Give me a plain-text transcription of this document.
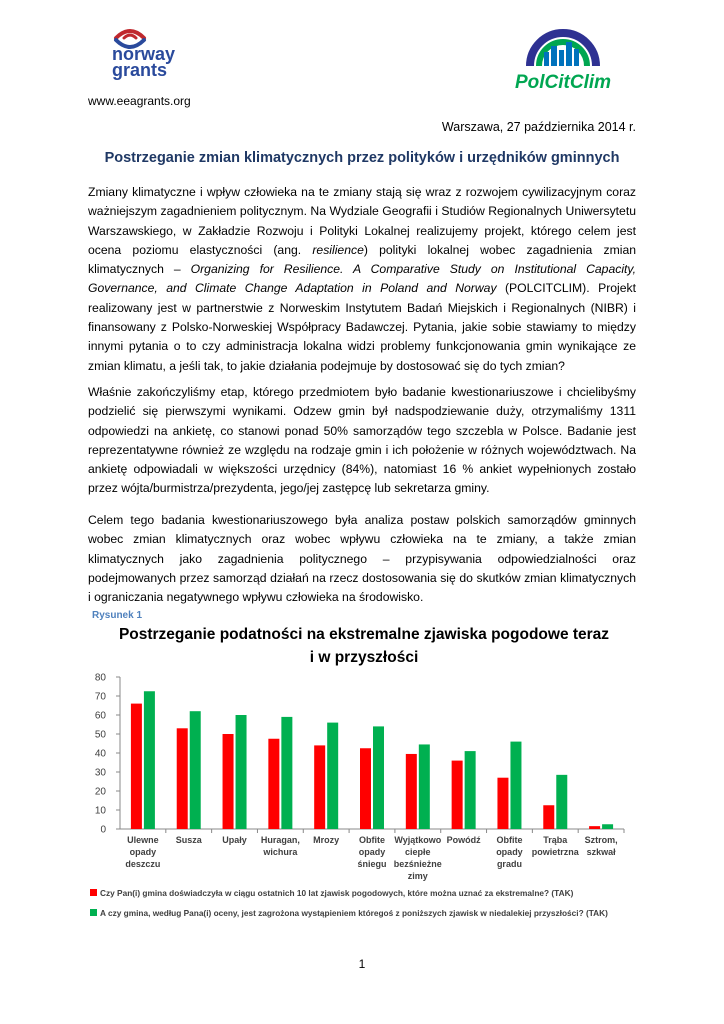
norway
grants
PolCitClim
www.eeagrants.org
Warszawa, 27 października 2014 r.
Postrzeganie zmian klimatycznych przez polityków i urzędników gminnych
Zmiany klimatyczne i wpływ człowieka na te zmiany stają się wraz z rozwojem cywilizacyjnym coraz ważniejszym zagadnieniem politycznym. Na Wydziale Geografii i Studiów Regionalnych Uniwersytetu Warszawskiego, w Zakładzie Rozwoju i Polityki Lokalnej realizujemy projekt, którego celem jest ocena poziomu elastyczności (ang. resilience) polityki lokalnej wobec zagadnienia zmian klimatycznych – Organizing for Resilience. A Comparative Study on Institutional Capacity, Governance, and Climate Change Adaptation in Poland and Norway (POLCITCLIM). Projekt realizowany jest w partnerstwie z Norweskim Instytutem Badań Miejskich i Regionalnych (NIBR) i finansowany z Polsko-Norweskiej Współpracy Badawczej. Pytania, jakie sobie stawiamy to między innymi pytania o to czy administracja lokalna widzi problemy funkcjonowania gmin wynikające ze zmian klimatu, a jeśli tak, to jakie działania podejmuje by dostosować się do tych zmian?
Właśnie zakończyliśmy etap, którego przedmiotem było badanie kwestionariuszowe i chcielibyśmy podzielić się pierwszymi wynikami. Odzew gmin był nadspodziewanie duży, otrzymaliśmy 1311 odpowiedzi na ankietę, co stanowi ponad 50% samorządów tego szczebla w Polsce. Badanie jest reprezentatywne również ze względu na rodzaje gmin i ich położenie w różnych województwach. Na ankietę odpowiadali w większości urzędnicy (84%), natomiast 16 % ankiet wypełnionych zostało przez wójta/burmistrza/prezydenta, jego/jej zastępcę lub sekretarza gminy.
Celem tego badania kwestionariuszowego była analiza postaw polskich samorządów gminnych wobec zmian klimatycznych oraz wobec wpływu człowieka na te zmiany, a także zmian klimatycznych jako zagadnienia politycznego – przypisywania odpowiedzialności oraz podejmowanych przez samorząd działań na rzecz dostosowania się do skutków zmian klimatycznych i ograniczania negatywnego wpływu człowieka na środowisko.
Rysunek 1
Postrzeganie podatności na ekstremalne zjawiska pogodowe teraz
i w przyszłości
0
10
20
30
40
50
60
70
80
Ulewne
opady
deszczu
Susza Upały Huragan,
wichura
Mrozy Obfite
opady
śniegu
Wyjątkowo
ciepłe
bezśnieżne
zimy
Powódź Obfite
opady
gradu
Trąba
powietrzna
Sztrom,
szkwał
Czy Pan(i) gmina doświadczyła w ciągu ostatnich 10 lat zjawisk pogodowych, które można uznać za ekstremalne? (TAK)
A czy gmina, według Pana(i) oceny, jest zagrożona wystąpieniem któregoś z poniższych zjawisk w niedalekiej przyszłości? (TAK)
1
